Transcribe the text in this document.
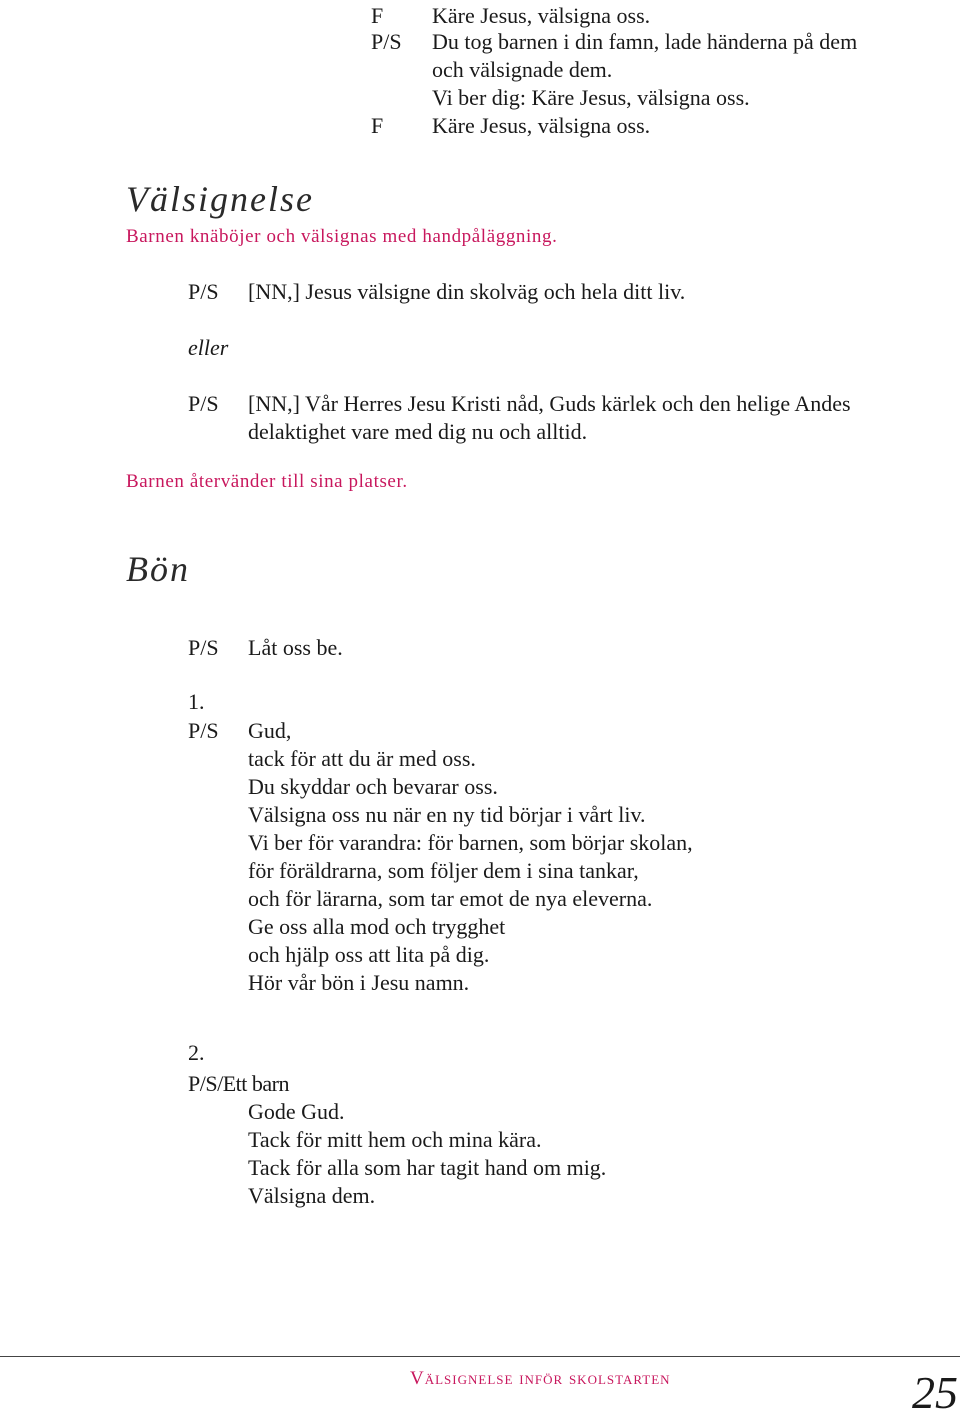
F Käre Jesus, välsigna oss.
P/S Du tog barnen i din famn, lade händerna på dem
och välsignade dem.
Vi ber dig: Käre Jesus, välsigna oss.
F Käre Jesus, välsigna oss.
Välsignelse
Barnen knäböjer och välsignas med handpåläggning.
P/S [NN,] Jesus välsigne din skolväg och hela ditt liv.
eller
P/S [NN,] Vår Herres Jesu Kristi nåd, Guds kärlek och den helige Andes
delaktighet vare med dig nu och alltid.
Barnen återvänder till sina platser.
Bön
P/S Låt oss be.
1.
P/S Gud,
tack för att du är med oss.
Du skyddar och bevarar oss.
Välsigna oss nu när en ny tid börjar i vårt liv.
Vi ber för varandra: för barnen, som börjar skolan,
för föräldrarna, som följer dem i sina tankar,
och för lärarna, som tar emot de nya eleverna.
Ge oss alla mod och trygghet
och hjälp oss att lita på dig.
Hör vår bön i Jesu namn.
2.
P/S/Ett barn
Gode Gud.
Tack för mitt hem och mina kära.
Tack för alla som har tagit hand om mig.
Välsigna dem.
Välsignelse inför skolstarten	25
